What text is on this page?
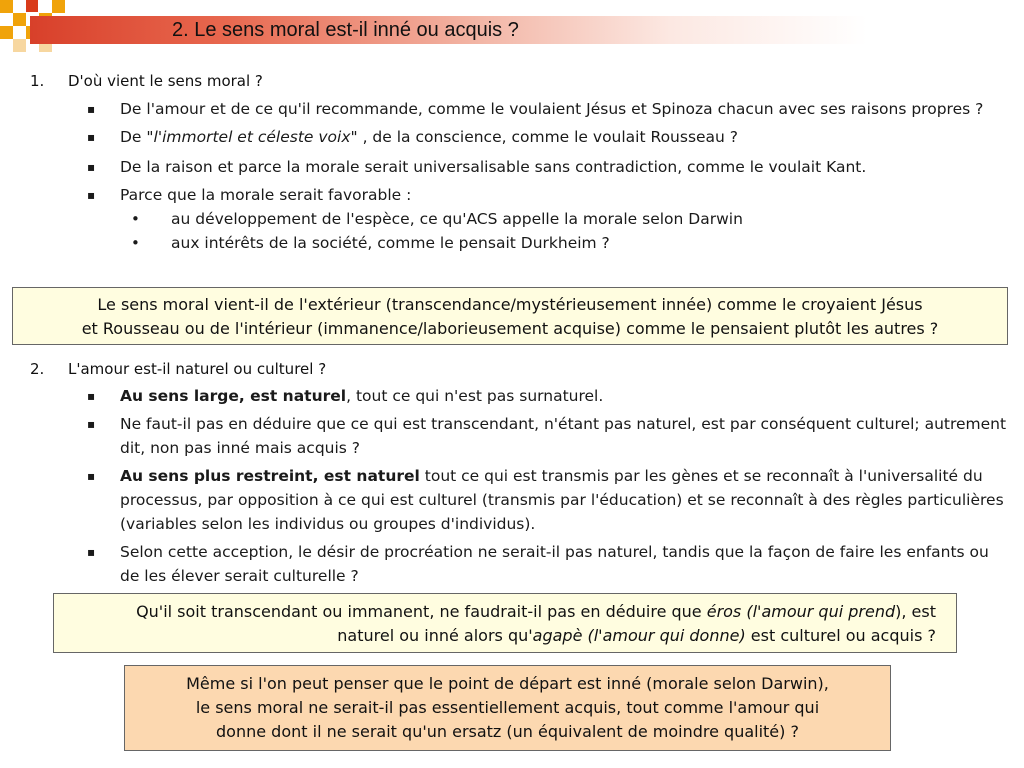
2. Le sens moral est-il inné ou acquis ?
1. D'où vient le sens moral ?
▪ De l'amour et de ce qu'il recommande, comme le voulaient Jésus et Spinoza chacun avec ses raisons propres ?
▪ De "l'immortel et céleste voix" , de la conscience, comme le voulait Rousseau ?
▪ De la raison et parce la morale serait universalisable sans contradiction, comme le voulait Kant.
▪ Parce que la morale serait favorable :
• au développement de l'espèce, ce qu'ACS appelle la morale selon Darwin
• aux intérêts de la société, comme le pensait Durkheim ?
Le sens moral vient-il de l'extérieur (transcendance/mystérieusement innée) comme le croyaient Jésus
et Rousseau ou de l'intérieur (immanence/laborieusement acquise) comme le pensaient plutôt les autres ?
2. L'amour est-il naturel ou culturel ?
▪ Au sens large, est naturel, tout ce qui n'est pas surnaturel.
▪ Ne faut-il pas en déduire que ce qui est transcendant, n'étant pas naturel, est par conséquent culturel; autrement dit, non pas inné mais acquis ?
▪ Au sens plus restreint, est naturel tout ce qui est transmis par les gènes et se reconnaît à l'universalité du processus, par opposition à ce qui est culturel (transmis par l'éducation) et se reconnaît à des règles particulières (variables selon les individus ou groupes d'individus).
▪ Selon cette acception, le désir de procréation ne serait-il pas naturel, tandis que la façon de faire les enfants ou de les élever serait culturelle ?
Qu'il soit transcendant ou immanent, ne faudrait-il pas en déduire que éros (l'amour qui prend), est naturel ou inné alors qu'agapè (l'amour qui donne) est culturel ou acquis ?
Même si l'on peut penser que le point de départ est inné (morale selon Darwin),
le sens moral ne serait-il pas essentiellement acquis, tout comme l'amour qui
donne dont il ne serait qu'un ersatz (un équivalent de moindre qualité) ?
